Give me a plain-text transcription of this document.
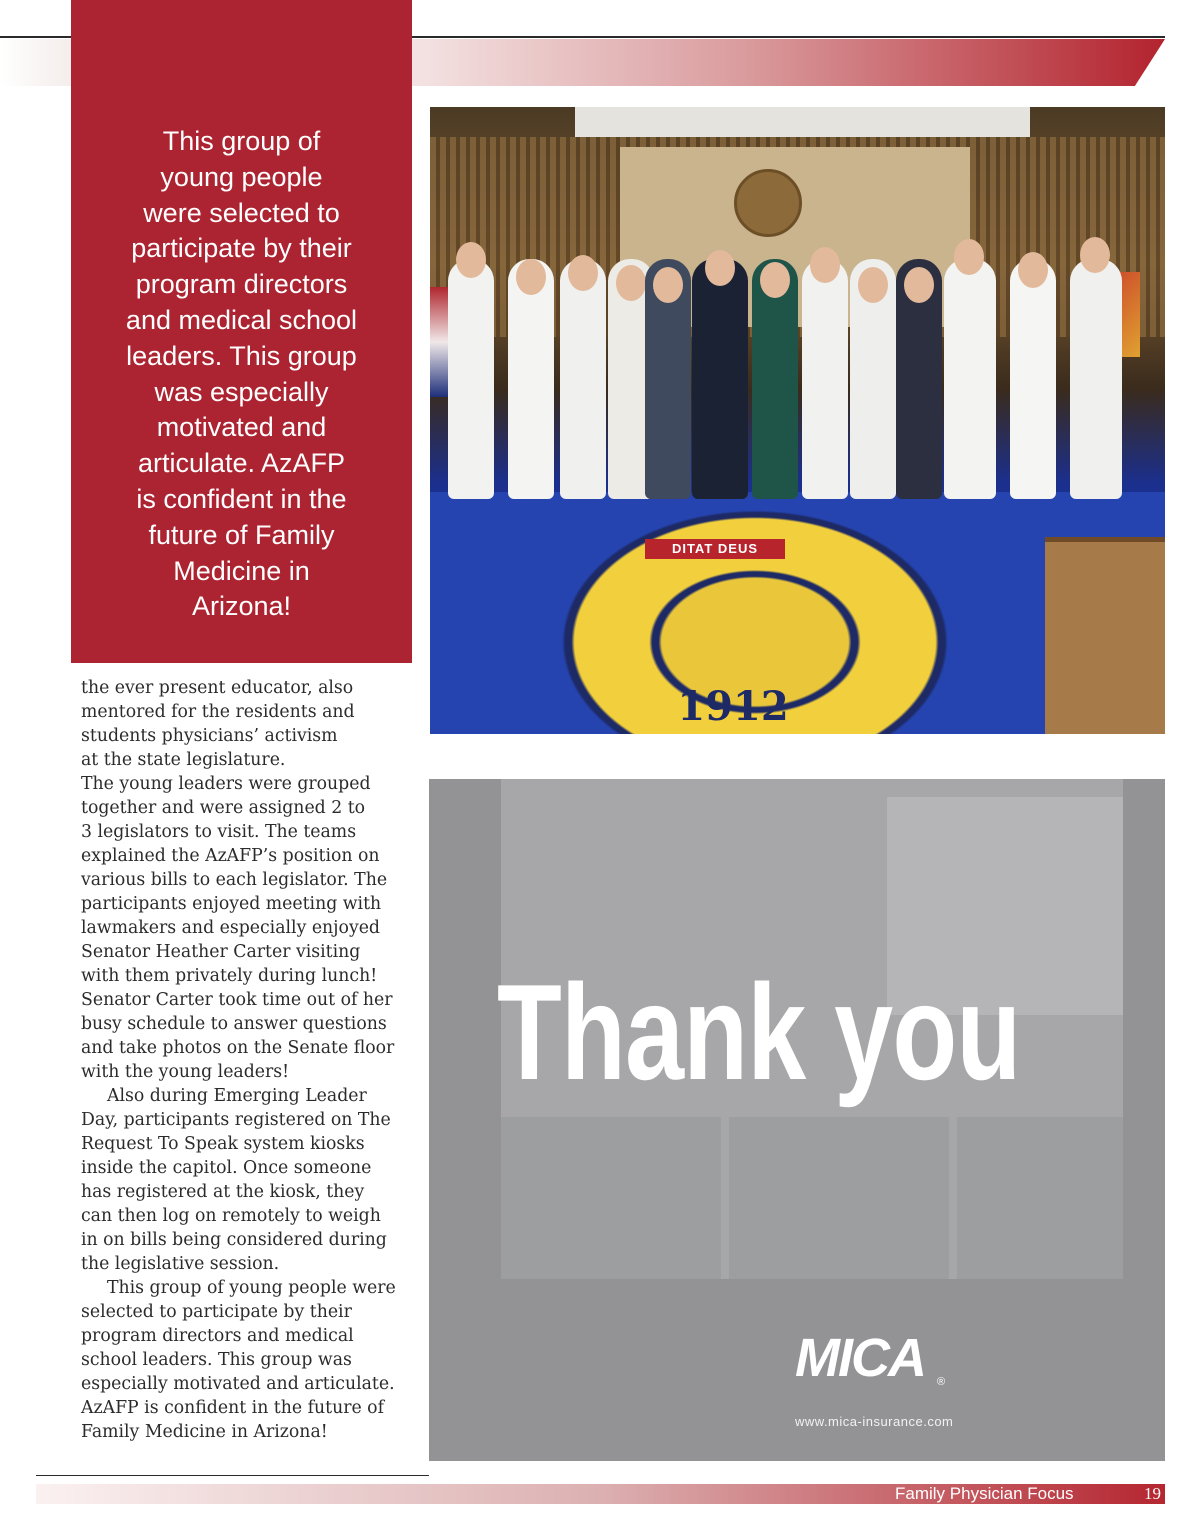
This group of
young people
were selected to
participate by their
program directors
and medical school
leaders. This group
was especially
motivated and
articulate. AzAFP
is confident in the
future of Family
Medicine in
Arizona!

the ever present educator, also
mentored for the residents and
students physicians’ activism
at the state legislature.

The young leaders were grouped
together and were assigned 2 to
3 legislators to visit. The teams
explained the AzAFP’s position on
various bills to each legislator. The
participants enjoyed meeting with
lawmakers and especially enjoyed
Senator Heather Carter visiting
with them privately during lunch!
Senator Carter took time out of her
busy schedule to answer questions
and take photos on the Senate floor
with the young leaders!

Also during Emerging Leader
Day, participants registered on The
Request To Speak system kiosks
inside the capitol. Once someone
has registered at the kiosk, they
can then log on remotely to weigh
in on bills being considered during
the legislative session.

This group of young people were
selected to participate by their
program directors and medical
school leaders. This group was
especially motivated and articulate.
AzAFP is confident in the future of
Family Medicine in Arizona!

DITAT DEUS
1912
Thank you
MICA ®
www.mica-insurance.com
Family Physician Focus	19
